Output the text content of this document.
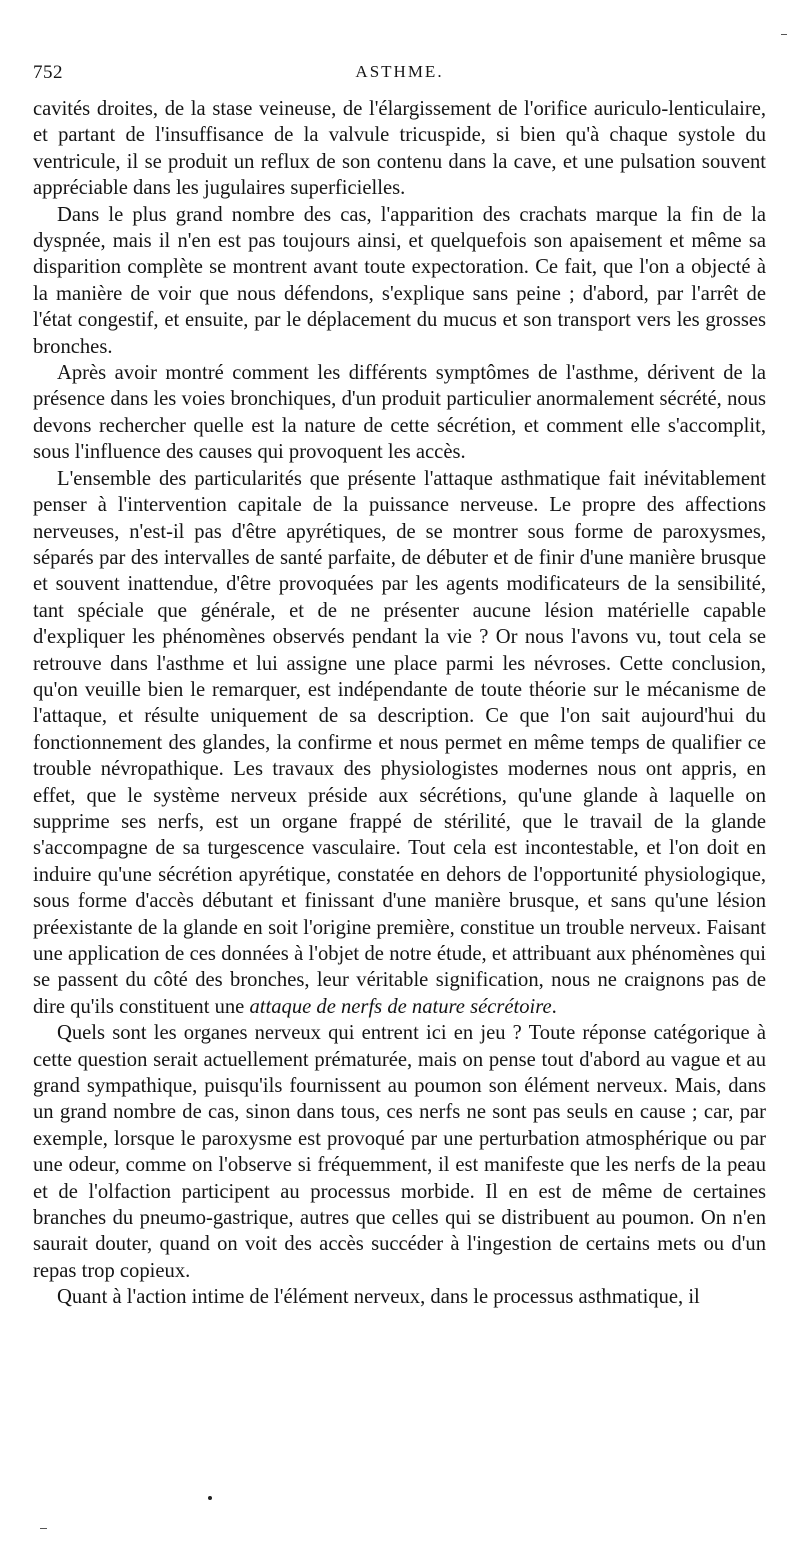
752	ASTHME.

cavités droites, de la stase veineuse, de l'élargissement de l'orifice auriculo-lenticulaire, et partant de l'insuffisance de la valvule tricuspide, si bien qu'à chaque systole du ventricule, il se produit un reflux de son contenu dans la cave, et une pulsation souvent appréciable dans les jugulaires superficielles.

Dans le plus grand nombre des cas, l'apparition des crachats marque la fin de la dyspnée, mais il n'en est pas toujours ainsi, et quelquefois son apaisement et même sa disparition complète se montrent avant toute expectoration. Ce fait, que l'on a objecté à la manière de voir que nous défendons, s'explique sans peine ; d'abord, par l'arrêt de l'état congestif, et ensuite, par le déplacement du mucus et son transport vers les grosses bronches.

Après avoir montré comment les différents symptômes de l'asthme, dérivent de la présence dans les voies bronchiques, d'un produit particulier anormalement sécrété, nous devons rechercher quelle est la nature de cette sécrétion, et comment elle s'accomplit, sous l'influence des causes qui provoquent les accès.

L'ensemble des particularités que présente l'attaque asthmatique fait inévitablement penser à l'intervention capitale de la puissance nerveuse. Le propre des affections nerveuses, n'est-il pas d'être apyrétiques, de se montrer sous forme de paroxysmes, séparés par des intervalles de santé parfaite, de débuter et de finir d'une manière brusque et souvent inattendue, d'être provoquées par les agents modificateurs de la sensibilité, tant spéciale que générale, et de ne présenter aucune lésion matérielle capable d'expliquer les phénomènes observés pendant la vie ? Or nous l'avons vu, tout cela se retrouve dans l'asthme et lui assigne une place parmi les névroses. Cette conclusion, qu'on veuille bien le remarquer, est indépendante de toute théorie sur le mécanisme de l'attaque, et résulte uniquement de sa description. Ce que l'on sait aujourd'hui du fonctionnement des glandes, la confirme et nous permet en même temps de qualifier ce trouble névropathique. Les travaux des physiologistes modernes nous ont appris, en effet, que le système nerveux préside aux sécrétions, qu'une glande à laquelle on supprime ses nerfs, est un organe frappé de stérilité, que le travail de la glande s'accompagne de sa turgescence vasculaire. Tout cela est incontestable, et l'on doit en induire qu'une sécrétion apyrétique, constatée en dehors de l'opportunité physiologique, sous forme d'accès débutant et finissant d'une manière brusque, et sans qu'une lésion préexistante de la glande en soit l'origine première, constitue un trouble nerveux. Faisant une application de ces données à l'objet de notre étude, et attribuant aux phénomènes qui se passent du côté des bronches, leur véritable signification, nous ne craignons pas de dire qu'ils constituent une attaque de nerfs de nature sécrétoire.

Quels sont les organes nerveux qui entrent ici en jeu ? Toute réponse catégorique à cette question serait actuellement prématurée, mais on pense tout d'abord au vague et au grand sympathique, puisqu'ils fournissent au poumon son élément nerveux. Mais, dans un grand nombre de cas, sinon dans tous, ces nerfs ne sont pas seuls en cause ; car, par exemple, lorsque le paroxysme est provoqué par une perturbation atmosphérique ou par une odeur, comme on l'observe si fréquemment, il est manifeste que les nerfs de la peau et de l'olfaction participent au processus morbide. Il en est de même de certaines branches du pneumo-gastrique, autres que celles qui se distribuent au poumon. On n'en saurait douter, quand on voit des accès succéder à l'ingestion de certains mets ou d'un repas trop copieux.

Quant à l'action intime de l'élément nerveux, dans le processus asthmatique, il
